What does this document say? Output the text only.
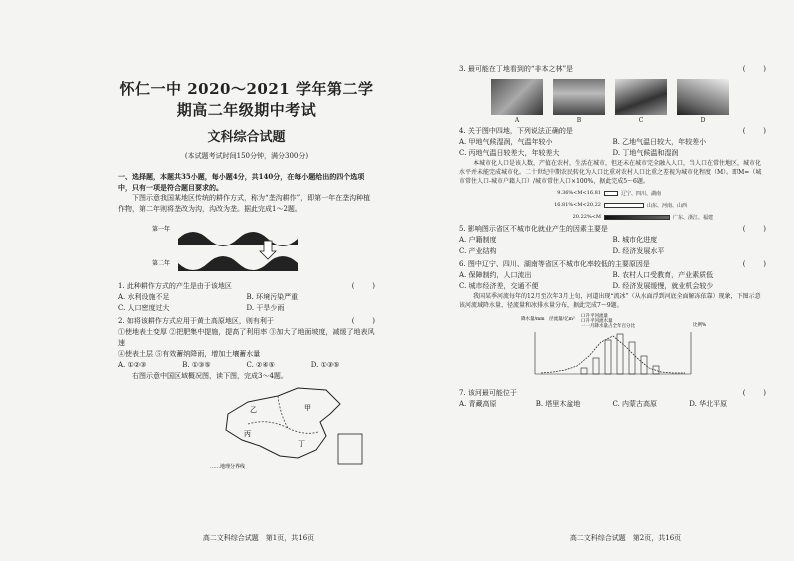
怀仁一中 2020～2021 学年第二学期高二年级期中考试

文科综合试题

(本试题考试时间150分钟，满分300分)

一、选择题，本题共35小题，每小题4分，共140分，在每小题给出的四个选项中，只有一项是符合题目要求的。

下图示意我国某地区传统的耕作方式，称为“垄沟耕作”，即第一年在垄沟种植作物，第二年则将垄改为沟，沟改为垄。据此完成1～2题。

第一年
第二年
1. 此种耕作方式的产生是由于该地区	(        )
A. 水利设施不足	B. 环境污染严重
C. 人口密度过大	D. 干旱少雨
2. 如将该耕作方式应用于黄土高原地区，则有利于	(        )

①使地表土变厚 ②把肥集中提施，提高了利用率 ③加大了地面坡度，减缓了地表风速

④使表土层 ⑤有效蓄纳降雨，增加土壤蓄水量

A. ①②③	B. ①③⑤	C. ②④⑤	D. ①③⑤

右图示意中国区域概况图，读下图，完成3～4题。

乙	甲
丙
丁
……地理分界线
高二文科综合试题　第1页，共16页
3. 最可能在丁地看到的“非本之林”是	(        )
A	B	C	D
4. 关于图中四地，下列说法正确的是	(        )
A. 甲地气候湿润，气温年较小	B. 乙地气温日较大，年较差小
C. 丙地气温日较差大，年较差大	D. 丁地气候温和湿润

本城市化人口是该人数，产值在农村，生活在城市，但还未在城市完全融入人口，当人口在常住地区，城市化水平并未能完成城市化。二十世纪中期农民转化为人口比重对农村人口比重之差视为城市化程度（M）。即M=（城市常住人口-城市户籍人口）/城市常住人口×100%，据此完成5～6题。

9.36%<M<16.81	辽宁、四川、湖南
16.81%<M<20.22	山东、河南、山西
20.22%<M	广东、浙江、福建
5. 影响图示省区不城市化就业产生的因素主要是	(        )
A. 户籍制度	B. 城市化进度
C. 产业结构	D. 经济发展水平
6. 图中辽宁、四川、湖南等省区不城市化率较低的主要原因是	(        )
A. 保障制约，人口流出	B. 农村人口受教育，产业素质低
C. 城市经济差，交通不便	D. 经济发展缓慢，就业机会较少

我国某季河流每年的12月至次年3月上旬，河道出现“流冰”（从水面浮到河底全面解冻依靠）现象，下图示意该河流域降水量、径流量和冰排水量分布，据此完成7～9题。

降水量/mm　径流量/亿m³
比例%
口升平河流量
口升平河流水量
一一月降水量占全年百分比
7. 该河最可能位于	(        )
A. 青藏高原	B. 塔里木盆地	C. 内蒙古高原	D. 华北平原
高二文科综合试题　第2页，共16页
